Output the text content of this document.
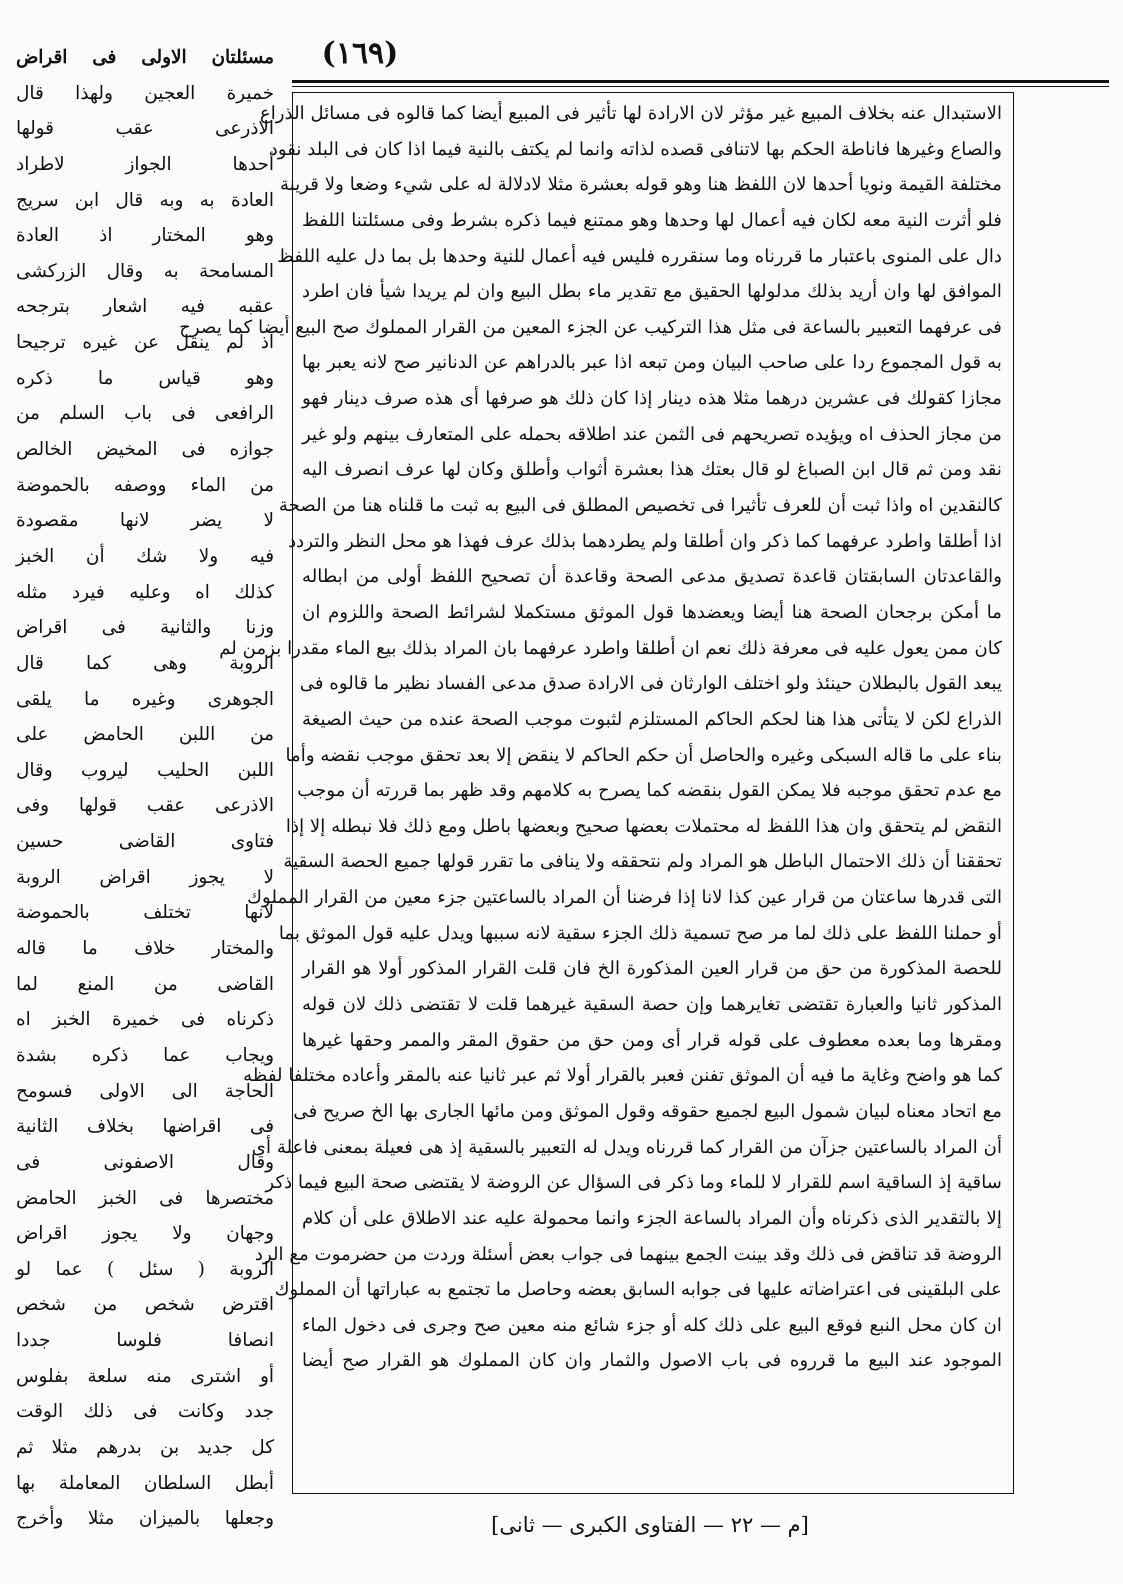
(١٦٩)
الاستبدال عنه بخلاف المبيع غير مؤثر لان الارادة لها تأثير فى المبيع أيضا كما قالوه فى مسائل الذراع
والصاع وغيرها فاناطة الحكم بها لاتنافى قصده لذاته وانما لم يكتف بالنية فيما اذا كان فى البلد نقود
مختلفة القيمة ونويا أحدها لان اللفظ هنا وهو قوله بعشرة مثلا لادلالة له على شيء وضعا ولا قرينة
فلو أثرت النية معه لكان فيه أعمال لها وحدها وهو ممتنع فيما ذكره بشرط وفى مسئلتنا اللفظ
دال على المنوى باعتبار ما قررناه وما سنقرره فليس فيه أعمال للنية وحدها بل بما دل عليه اللفظ
الموافق لها وان أريد بذلك مدلولها الحقيق مع تقدير ماء بطل البيع وان لم يريدا شيأ فان اطرد
فى عرفهما التعبير بالساعة فى مثل هذا التركيب عن الجزء المعين من القرار المملوك صح البيع أيضا كما يصرح
به قول المجموع ردا على صاحب البيان ومن تبعه اذا عبر بالدراهم عن الدنانير صح لانه يعبر بها
مجازا كقولك فى عشرين درهما مثلا هذه دينار إذا كان ذلك هو صرفها أى هذه صرف دينار فهو
من مجاز الحذف اه ويؤيده تصريحهم فى الثمن عند اطلاقه بحمله على المتعارف بينهم ولو غير
نقد ومن ثم قال ابن الصباغ لو قال بعتك هذا بعشرة أثواب وأطلق وكان لها عرف انصرف اليه
كالنقدين اه واذا ثبت أن للعرف تأثيرا فى تخصيص المطلق فى البيع به ثبت ما قلناه هنا من الصحة
اذا أطلقا واطرد عرفهما كما ذكر وان أطلقا ولم يطردهما بذلك عرف فهذا هو محل النظر والتردد
والقاعدتان السابقتان قاعدة تصديق مدعى الصحة وقاعدة أن تصحيح اللفظ أولى من ابطاله
ما أمكن برجحان الصحة هنا أيضا ويعضدها قول الموثق مستكملا لشرائط الصحة واللزوم ان
كان ممن يعول عليه فى معرفة ذلك نعم ان أطلقا واطرد عرفهما بان المراد بذلك بيع الماء مقدرا بزمن لم
يبعد القول بالبطلان حينئذ ولو اختلف الوارثان فى الارادة صدق مدعى الفساد نظير ما قالوه فى
الذراع لكن لا يتأتى هذا هنا لحكم الحاكم المستلزم لثبوت موجب الصحة عنده من حيث الصيغة
بناء على ما قاله السبكى وغيره والحاصل أن حكم الحاكم لا ينقض إلا بعد تحقق موجب نقضه وأما
مع عدم تحقق موجبه فلا يمكن القول بنقضه كما يصرح به كلامهم وقد ظهر بما قررته أن موجب
النقض لم يتحقق وان هذا اللفظ له محتملات بعضها صحيح وبعضها باطل ومع ذلك فلا نبطله إلا إذا
تحققنا أن ذلك الاحتمال الباطل هو المراد ولم نتحققه ولا ينافى ما تقرر قولها جميع الحصة السقية
التى قدرها ساعتان من قرار عين كذا لانا إذا فرضنا أن المراد بالساعتين جزء معين من القرار المملوك
أو حملنا اللفظ على ذلك لما مر صح تسمية ذلك الجزء سقية لانه سببها ويدل عليه قول الموثق بما
للحصة المذكورة من حق من قرار العين المذكورة الخ فان قلت القرار المذكور أولا هو القرار
المذكور ثانيا والعبارة تقتضى تغايرهما وإن حصة السقية غيرهما قلت لا تقتضى ذلك لان قوله
ومقرها وما بعده معطوف على قوله قرار أى ومن حق من حقوق المقر والممر وحقها غيرها
كما هو واضح وغاية ما فيه أن الموثق تفنن فعبر بالقرار أولا ثم عبر ثانيا عنه بالمقر وأعاده مختلفا لفظه
مع اتحاد معناه لبيان شمول البيع لجميع حقوقه وقول الموثق ومن مائها الجارى بها الخ صريح فى
أن المراد بالساعتين جزآن من القرار كما قررناه ويدل له التعبير بالسقية إذ هى فعيلة بمعنى فاعلة أى
ساقية إذ الساقية اسم للقرار لا للماء وما ذكر فى السؤال عن الروضة لا يقتضى صحة البيع فيما ذكر
إلا بالتقدير الذى ذكرناه وأن المراد بالساعة الجزء وانما محمولة عليه عند الاطلاق على أن كلام
الروضة قد تناقض فى ذلك وقد بينت الجمع بينهما فى جواب بعض أسئلة وردت من حضرموت مع الرد
على البلقينى فى اعتراضاته عليها فى جوابه السابق بعضه وحاصل ما تجتمع به عباراتها أن المملوك
ان كان محل النبع فوقع البيع على ذلك كله أو جزء شائع منه معين صح وجرى فى دخول الماء
الموجود عند البيع ما قرروه فى باب الاصول والثمار وان كان المملوك هو القرار صح أيضا
مسئلتان الاولى فى اقراض
خميرة العجين ولهذا قال
الاذرعى عقب قولها
أحدها الجواز لاطراد
العادة به وبه قال ابن سريج
وهو المختار اذ العادة
المسامحة به وقال الزركشى
عقبه فيه اشعار بترجحه
اذ لم ينقل عن غيره ترجيحا
وهو قياس ما ذكره
الرافعى فى باب السلم من
جوازه فى المخيض الخالص
من الماء ووصفه بالحموضة
لا يضر لانها مقصودة
فيه ولا شك أن الخبز
كذلك اه وعليه فيرد مثله
وزنا والثانية فى اقراض
الروبة وهى كما قال
الجوهرى وغيره ما يلقى
من اللبن الحامض على
اللبن الحليب ليروب وقال
الاذرعى عقب قولها وفى
فتاوى القاضى حسين
لا يجوز اقراض الروبة
لانها تختلف بالحموضة
والمختار خلاف ما قاله
القاضى من المنع لما
ذكرناه فى خميرة الخبز اه
ويجاب عما ذكره بشدة
الحاجة الى الاولى فسومح
فى اقراضها بخلاف الثانية
وقال الاصفونى فى
مختصرها فى الخبز الحامض
وجهان ولا يجوز اقراض
الروبة ( سئل ) عما لو
اقترض شخص من شخص
انصافا فلوسا جددا
أو اشترى منه سلعة بفلوس
جدد وكانت فى ذلك الوقت
كل جديد بن بدرهم مثلا ثم
أبطل السلطان المعاملة بها
وجعلها بالميزان مثلا وأخرج	[م — ٢٢ — الفتاوى الكبرى — ثانى]
